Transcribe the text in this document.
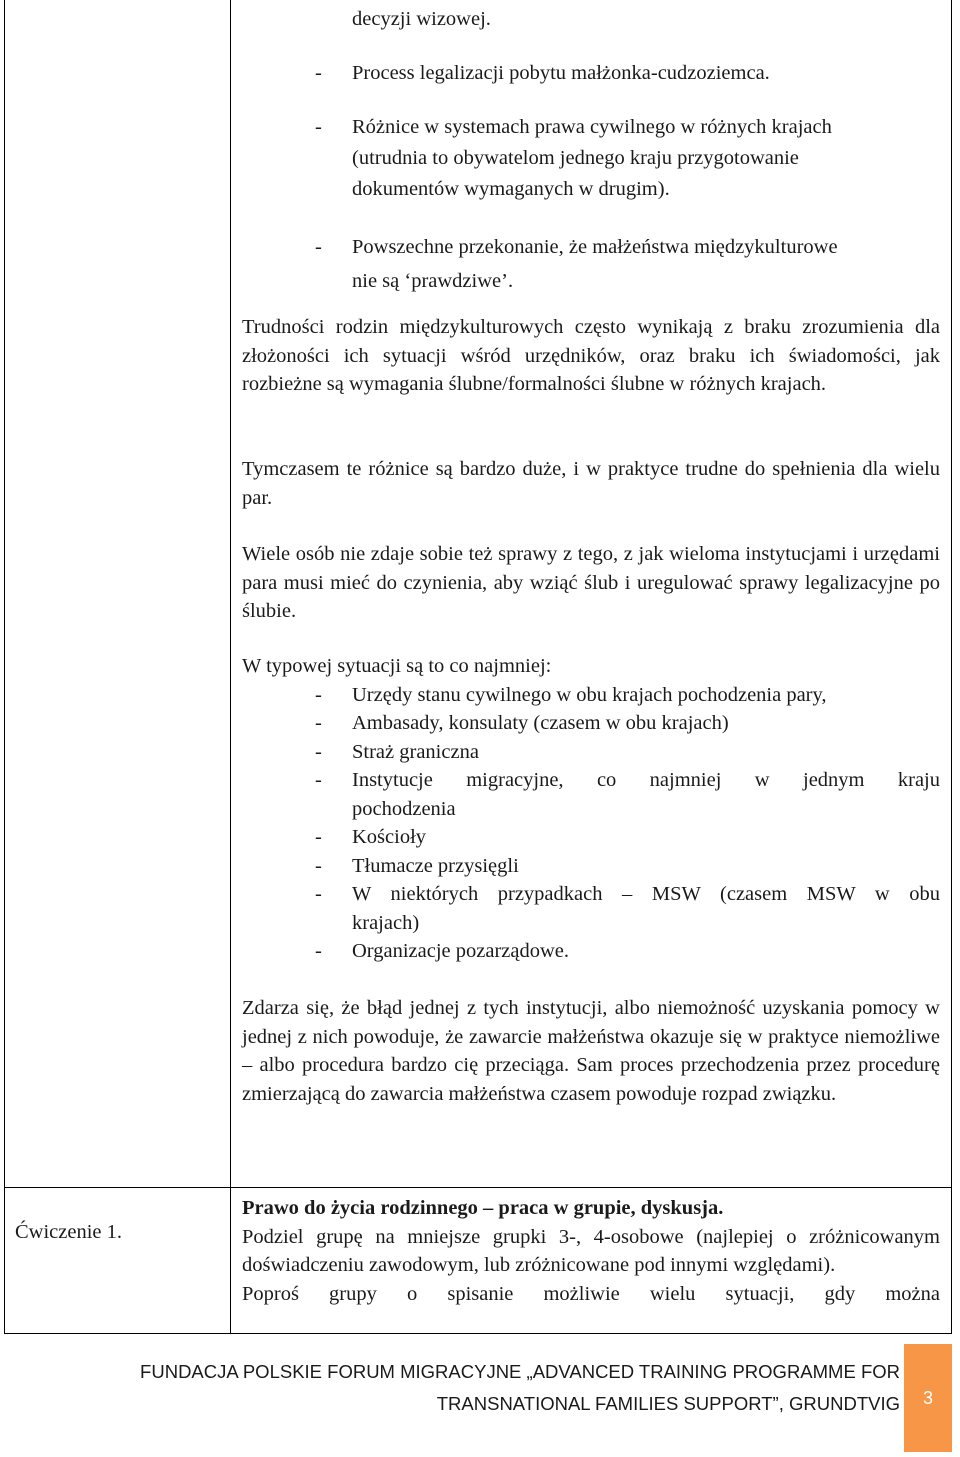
decyzji wizowej.
- Process legalizacji pobytu małżonka-cudzoziemca.
- Różnice w systemach prawa cywilnego w różnych krajach
(utrudnia to obywatelom jednego kraju przygotowanie
dokumentów wymaganych w drugim).
- Powszechne przekonanie, że małżeństwa międzykulturowe
nie są ‘prawdziwe’.

Trudności rodzin międzykulturowych często wynikają z braku zrozumienia dla złożoności ich sytuacji wśród urzędników, oraz braku ich świadomości, jak rozbieżne są wymagania ślubne/formalności ślubne w różnych krajach.

Tymczasem te różnice są bardzo duże, i w praktyce trudne do spełnienia dla wielu par.

Wiele osób nie zdaje sobie też sprawy z tego, z jak wieloma instytucjami i urzędami para musi mieć do czynienia, aby wziąć ślub i uregulować sprawy legalizacyjne po ślubie.

W typowej sytuacji są to co najmniej:
- Urzędy stanu cywilnego w obu krajach pochodzenia pary,
- Ambasady, konsulaty (czasem w obu krajach)
- Straż graniczna
- Instytucje migracyjne, co najmniej w jednym kraju
pochodzenia
- Kościoły
- Tłumacze przysięgli
- W niektórych przypadkach – MSW (czasem MSW w obu
krajach)
- Organizacje pozarządowe.

Zdarza się, że błąd jednej z tych instytucji, albo niemożność uzyskania pomocy w jednej z nich powoduje, że zawarcie małżeństwa okazuje się w praktyce niemożliwe – albo procedura bardzo cię przeciąga. Sam proces przechodzenia przez procedurę zmierzającą do zawarcia małżeństwa czasem powoduje rozpad związku.

Ćwiczenie 1.
Prawo do życia rodzinnego – praca w grupie, dyskusja.

Podziel grupę na mniejsze grupki 3-, 4-osobowe (najlepiej o zróżnicowanym doświadczeniu zawodowym, lub zróżnicowane pod innymi względami).

Poproś grupy o spisanie możliwie wielu sytuacji, gdy można
FUNDACJA POLSKIE FORUM MIGRACYJNE „ADVANCED TRAINING PROGRAMME FOR
TRANSNATIONAL FAMILIES SUPPORT”, GRUNDTVIG 3
